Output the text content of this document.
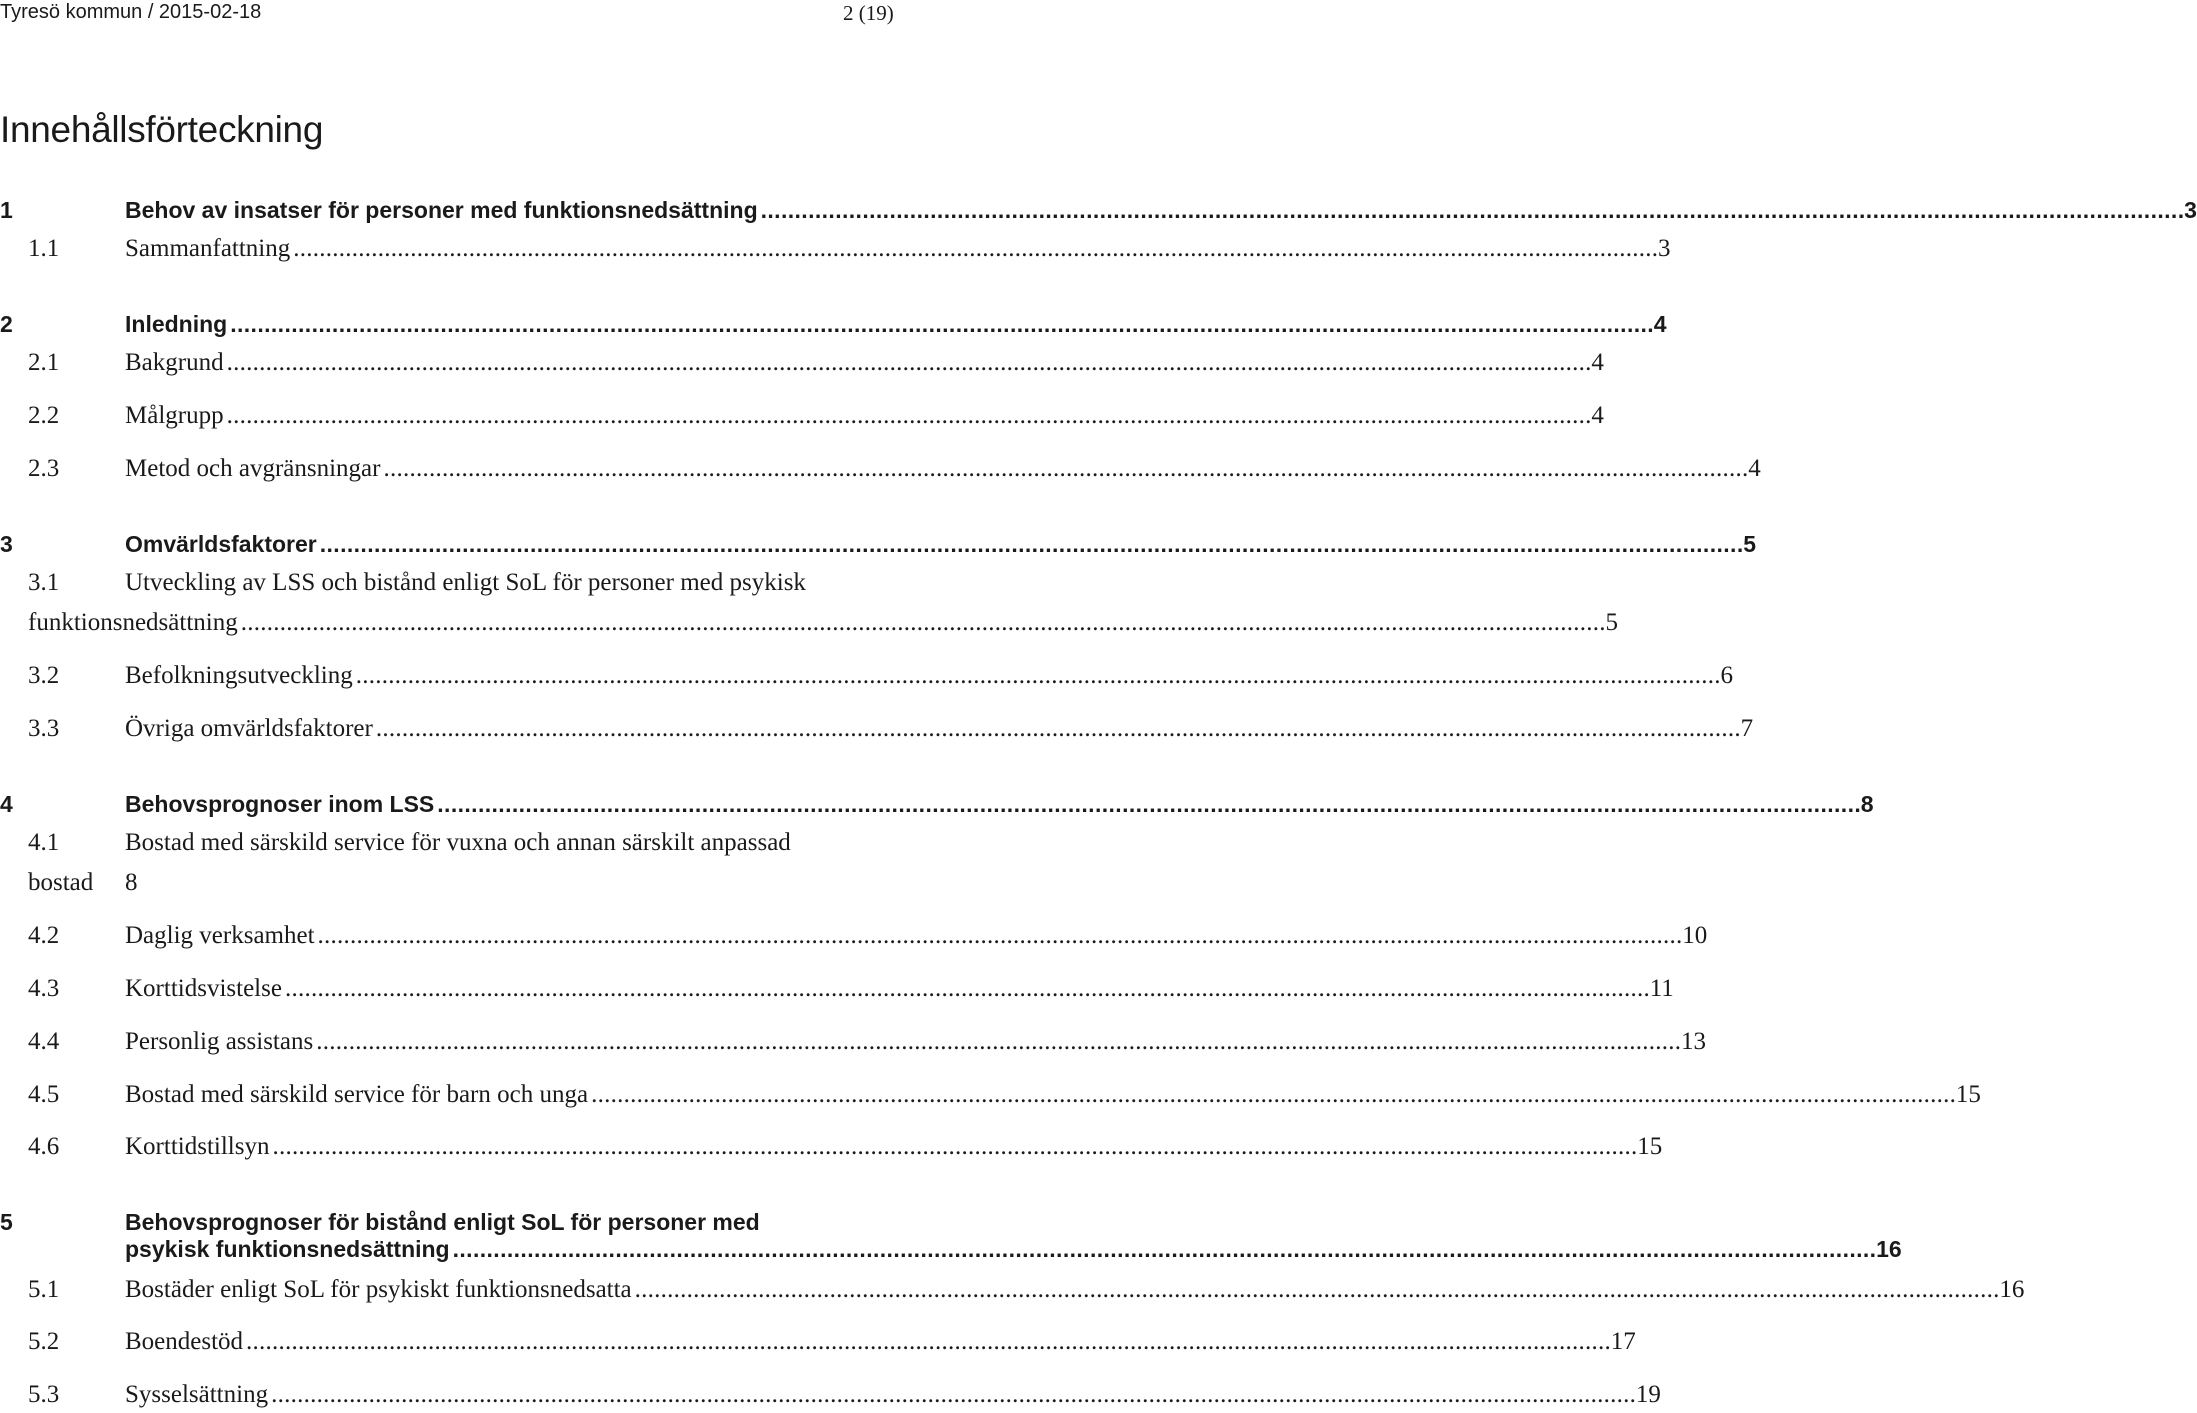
Tyresö kommun / 2015-02-18	2 (19)
Innehållsförteckning
1	Behov av insatser för personer med funktionsnedsättning . . .	3
1.1	Sammanfattning . . .	3
2	Inledning . . .	4
2.1	Bakgrund . . .	4
2.2	Målgrupp . . .	4
2.3	Metod och avgränsningar . . .	4
3	Omvärldsfaktorer . . .	5
3.1	Utveckling av LSS och bistånd enligt SoL för personer med psykisk
funktionsnedsättning . . .	5
3.2	Befolkningsutveckling . . .	6
3.3	Övriga omvärldsfaktorer . . .	7
4	Behovsprognoser inom LSS . . .	8
4.1	Bostad med särskild service för vuxna och annan särskilt anpassad
bostad 8
4.2	Daglig verksamhet . . .	10
4.3	Korttidsvistelse . . .	11
4.4	Personlig assistans . . .	13
4.5	Bostad med särskild service för barn och unga . . .	15
4.6	Korttidstillsyn . . .	15
5	Behovsprognoser för bistånd enligt SoL för personer med
psykisk funktionsnedsättning . . .	16
5.1	Bostäder enligt SoL för psykiskt funktionsnedsatta . . .	16
5.2	Boendestöd . . .	17
5.3	Sysselsättning . . .	19
